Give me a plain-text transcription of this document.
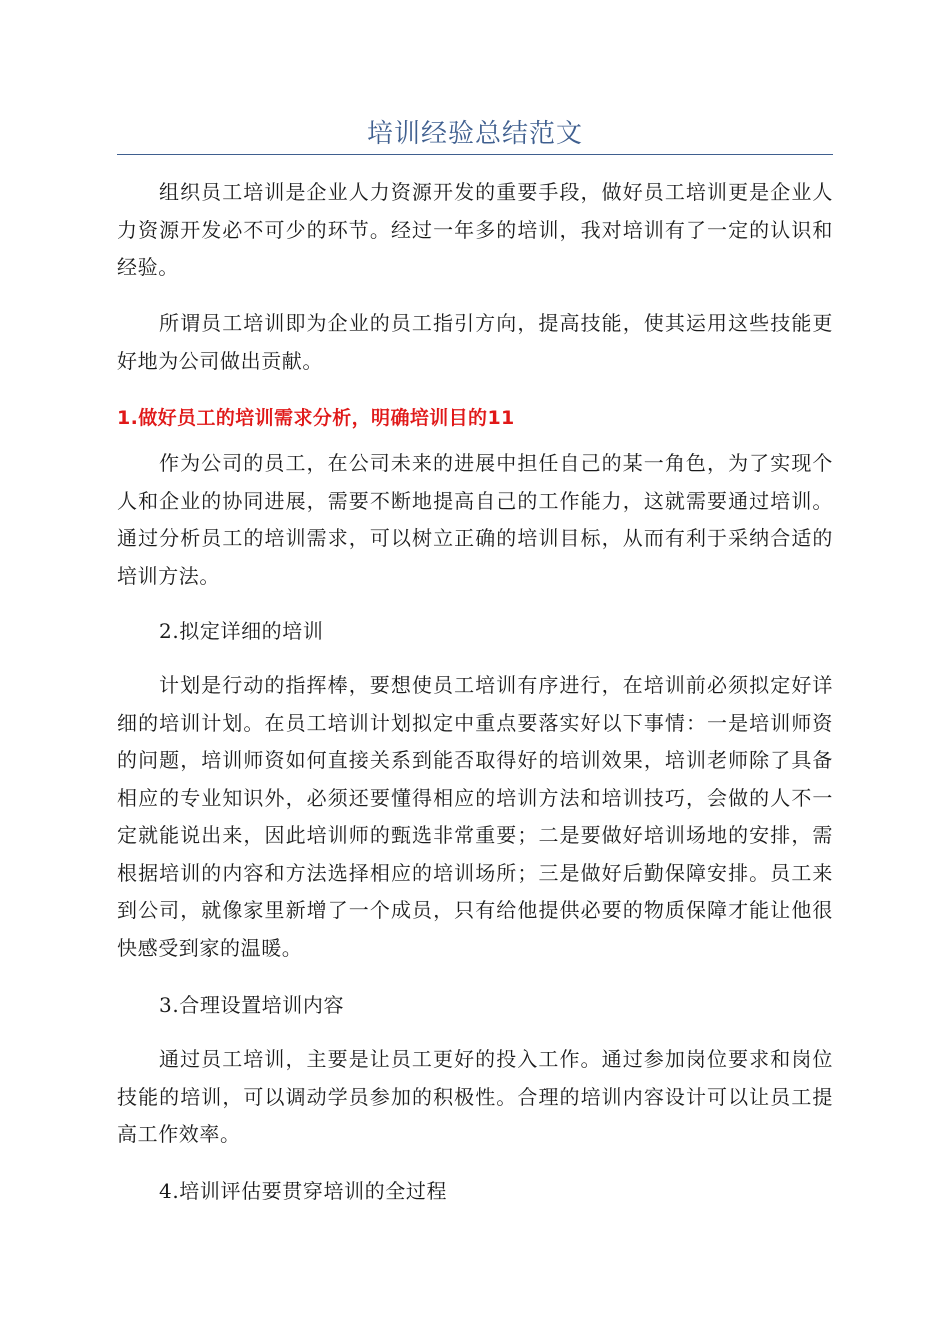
培训经验总结范文

组织员工培训是企业人力资源开发的重要手段，做好员工培训更是企业人力资源开发必不可少的环节。经过一年多的培训，我对培训有了一定的认识和经验。

所谓员工培训即为企业的员工指引方向，提高技能，使其运用这些技能更好地为公司做出贡献。

1.做好员工的培训需求分析，明确培训目的11

作为公司的员工，在公司未来的进展中担任自己的某一角色，为了实现个人和企业的协同进展，需要不断地提高自己的工作能力，这就需要通过培训。通过分析员工的培训需求，可以树立正确的培训目标，从而有利于采纳合适的培训方法。

2.拟定详细的培训

计划是行动的指挥棒，要想使员工培训有序进行，在培训前必须拟定好详细的培训计划。在员工培训计划拟定中重点要落实好以下事情：一是培训师资的问题，培训师资如何直接关系到能否取得好的培训效果，培训老师除了具备相应的专业知识外，必须还要懂得相应的培训方法和培训技巧，会做的人不一定就能说出来，因此培训师的甄选非常重要；二是要做好培训场地的安排，需根据培训的内容和方法选择相应的培训场所；三是做好后勤保障安排。员工来到公司，就像家里新增了一个成员，只有给他提供必要的物质保障才能让他很快感受到家的温暖。

3.合理设置培训内容

通过员工培训，主要是让员工更好的投入工作。通过参加岗位要求和岗位技能的培训，可以调动学员参加的积极性。合理的培训内容设计可以让员工提高工作效率。

4.培训评估要贯穿培训的全过程
